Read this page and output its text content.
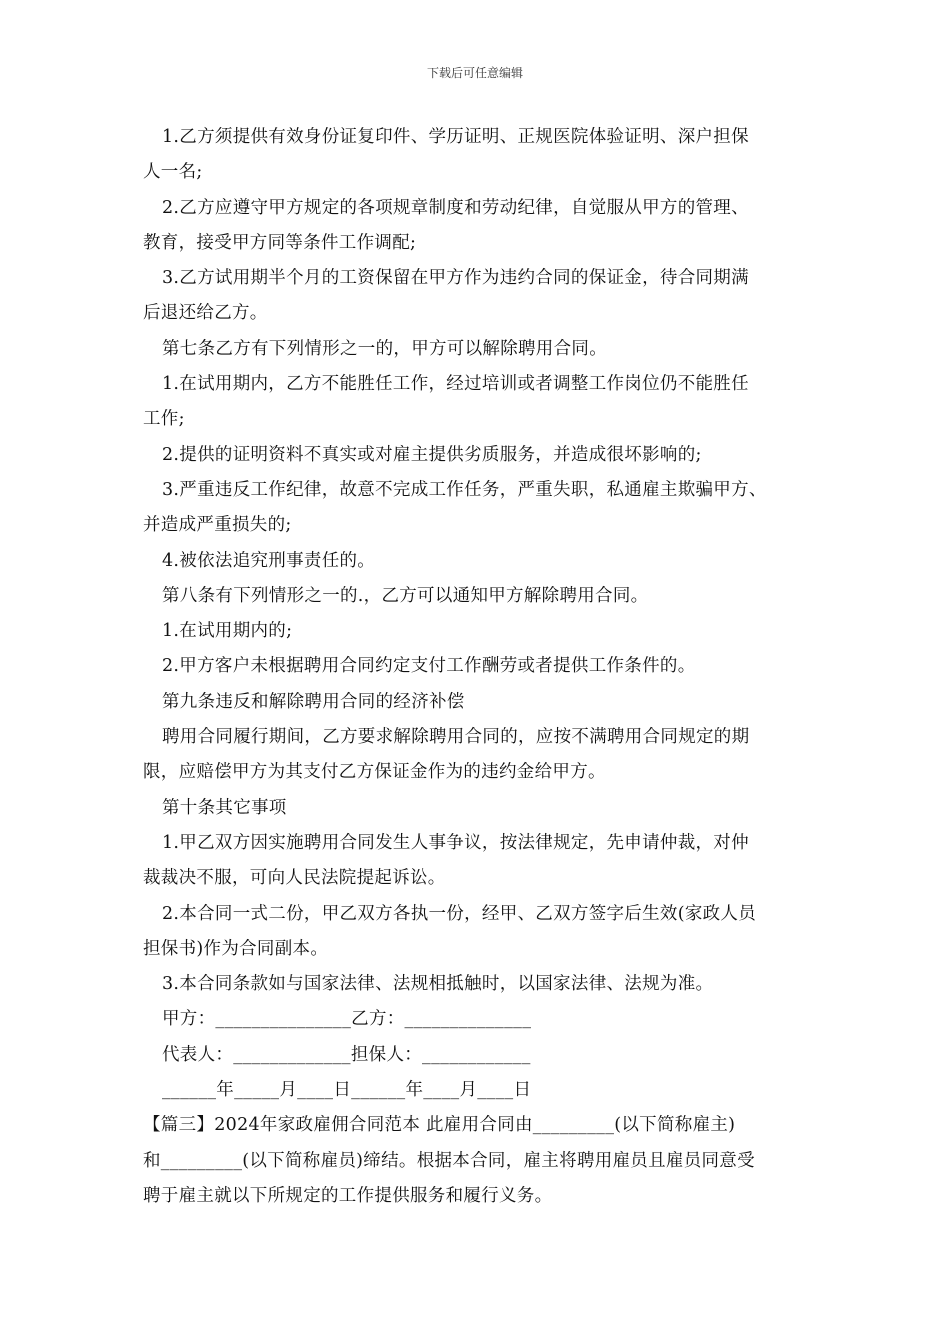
下载后可任意编辑
1.乙方须提供有效身份证复印件、学历证明、正规医院体验证明、深户担保
人一名;
2.乙方应遵守甲方规定的各项规章制度和劳动纪律，自觉服从甲方的管理、
教育，接受甲方同等条件工作调配;
3.乙方试用期半个月的工资保留在甲方作为违约合同的保证金，待合同期满
后退还给乙方。
第七条乙方有下列情形之一的，甲方可以解除聘用合同。
1.在试用期内，乙方不能胜任工作，经过培训或者调整工作岗位仍不能胜任
工作;
2.提供的证明资料不真实或对雇主提供劣质服务，并造成很坏影响的;
3.严重违反工作纪律，故意不完成工作任务，严重失职，私通雇主欺骗甲方、
并造成严重损失的;
4.被依法追究刑事责任的。
第八条有下列情形之一的.，乙方可以通知甲方解除聘用合同。
1.在试用期内的;
2.甲方客户未根据聘用合同约定支付工作酬劳或者提供工作条件的。
第九条违反和解除聘用合同的经济补偿
聘用合同履行期间，乙方要求解除聘用合同的，应按不满聘用合同规定的期
限，应赔偿甲方为其支付乙方保证金作为的违约金给甲方。
第十条其它事项
1.甲乙双方因实施聘用合同发生人事争议，按法律规定，先申请仲裁，对仲
裁裁决不服，可向人民法院提起诉讼。
2.本合同一式二份，甲乙双方各执一份，经甲、乙双方签字后生效(家政人员
担保书)作为合同副本。
3.本合同条款如与国家法律、法规相抵触时，以国家法律、法规为准。
甲方：_______________乙方：______________
代表人：_____________担保人：____________
______年_____月____日______年____月____日
【篇三】2024年家政雇佣合同范本 此雇用合同由_________(以下简称雇主)
和_________(以下简称雇员)缔结。根据本合同，雇主将聘用雇员且雇员同意受
聘于雇主就以下所规定的工作提供服务和履行义务。
